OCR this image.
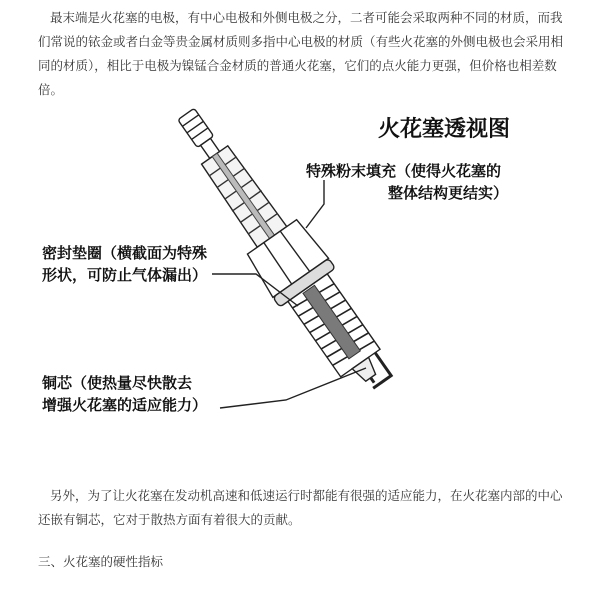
最末端是火花塞的电极，有中心电极和外侧电极之分，二者可能会采取两种不同的材质，而我们常说的铱金或者白金等贵金属材质则多指中心电极的材质（有些火花塞的外侧电极也会采用相同的材质），相比于电极为镍锰合金材质的普通火花塞，它们的点火能力更强，但价格也相差数倍。

火花塞透视图
特殊粉末填充（使得火花塞的
整体结构更结实）
密封垫圈（横截面为特殊
形状，可防止气体漏出）
铜芯（使热量尽快散去
增强火花塞的适应能力）

另外，为了让火花塞在发动机高速和低速运行时都能有很强的适应能力，在火花塞内部的中心还嵌有铜芯，它对于散热方面有着很大的贡献。

三、火花塞的硬性指标
